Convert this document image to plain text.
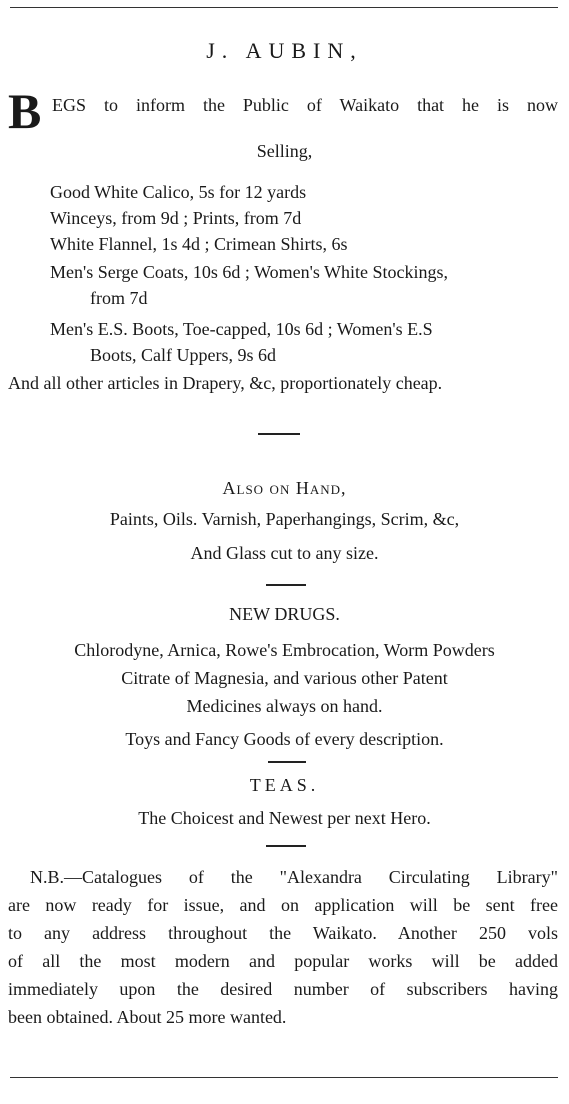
J. AUBIN,
B EGS to inform the Public of Waikato that he is now
Selling,
Good White Calico, 5s for 12 yards
Winceys, from 9d ; Prints, from 7d
White Flannel, 1s 4d ; Crimean Shirts, 6s
Men's Serge Coats, 10s 6d ; Women's White Stockings,
from 7d
Men's E.S. Boots, Toe-capped, 10s 6d ; Women's E.S
Boots, Calf Uppers, 9s 6d
And all other articles in Drapery, &c, proportionately cheap.
Also on Hand,
Paints, Oils. Varnish, Paperhangings, Scrim, &c,
And Glass cut to any size.
NEW DRUGS.
Chlorodyne, Arnica, Rowe's Embrocation, Worm Powders
Citrate of Magnesia, and various other Patent
Medicines always on hand.
Toys and Fancy Goods of every description.
TEAS.
The Choicest and Newest per next Hero.
N.B.—Catalogues of the "Alexandra Circulating Library"
are now ready for issue, and on application will be sent free
to any address throughout the Waikato. Another 250 vols
of all the most modern and popular works will be added
immediately upon the desired number of subscribers having
been obtained. About 25 more wanted.
